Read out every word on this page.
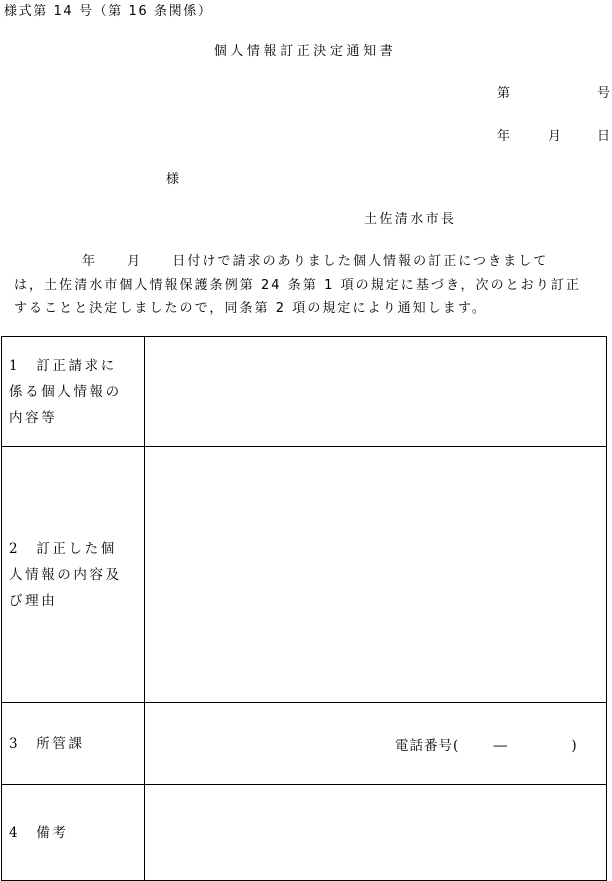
様式第 14 号（第 16 条関係）
個人情報訂正決定通知書
第	号
年	月	日
様
土佐清水市長
年　　月　　日付けで請求のありました個人情報の訂正につきまして
は，土佐清水市個人情報保護条例第 24 条第 1 項の規定に基づき，次のとおり訂正
することと決定しましたので，同条第 2 項の規定により通知します。
1　訂正請求に
係る個人情報の
内容等	

2　訂正した個
人情報の内容及
び理由	

3　所管課	電話番号(　　 ―　　　　 )

4　備考	
